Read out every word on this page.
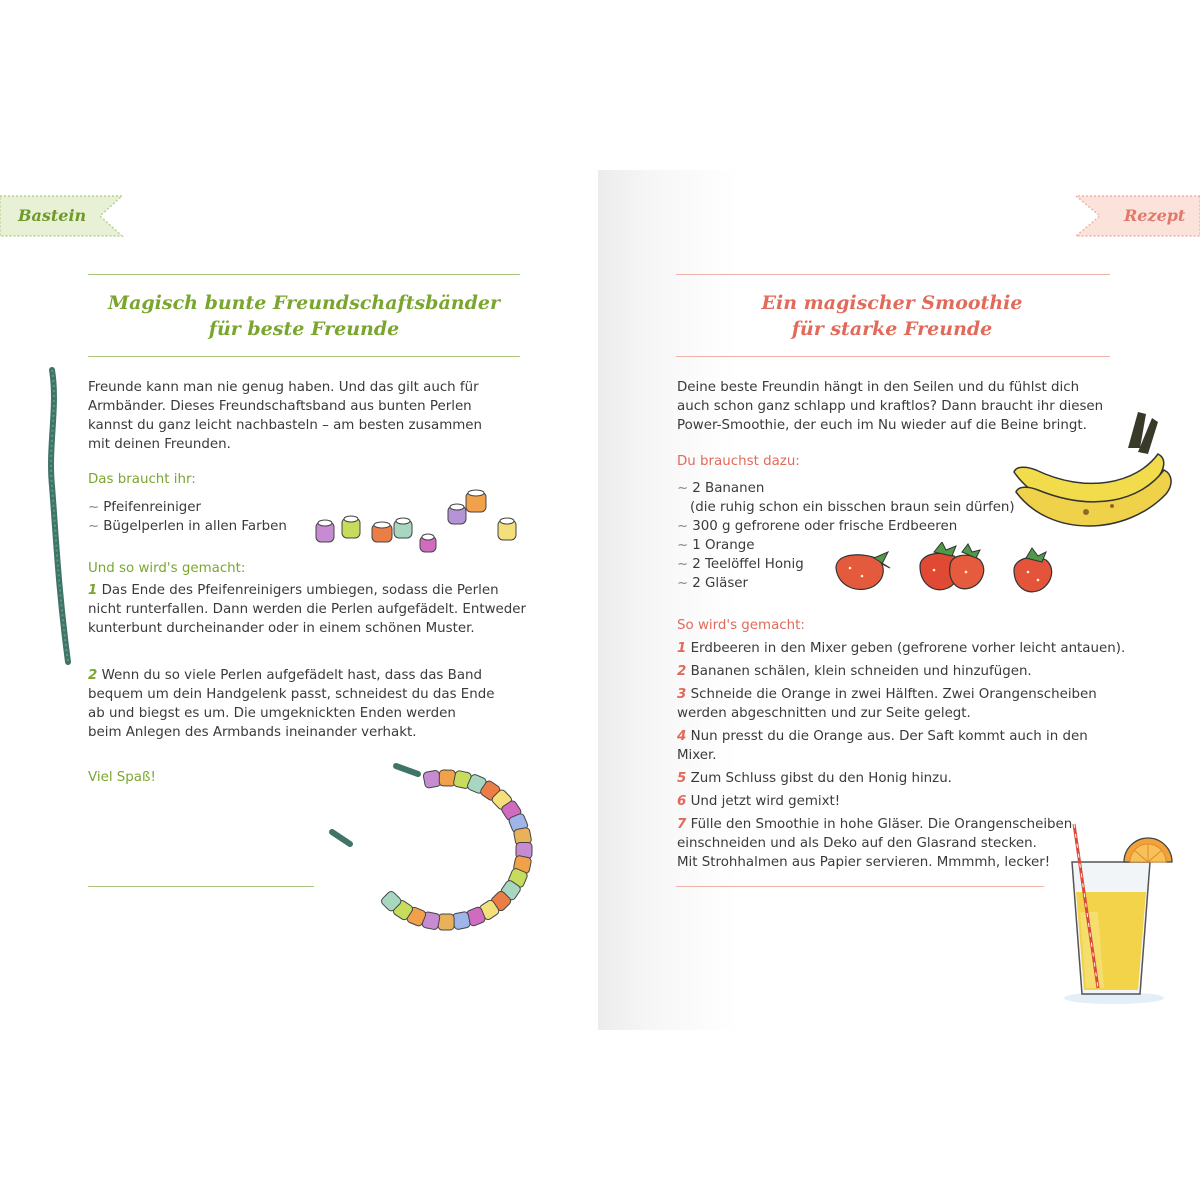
Bastein
Magisch bunte Freundschaftsbänder
für beste Freunde
Freunde kann man nie genug haben. Und das gilt auch für
Armbänder. Dieses Freundschaftsband aus bunten Perlen
kannst du ganz leicht nachbasteln – am besten zusammen
mit deinen Freunden.
Das braucht ihr:
~ Pfeifenreiniger
~ Bügelperlen in allen Farben
Und so wird's gemacht:
1 Das Ende des Pfeifenreinigers umbiegen, sodass die Perlen
nicht runterfallen. Dann werden die Perlen aufgefädelt. Entweder
kunterbunt durcheinander oder in einem schönen Muster.
2 Wenn du so viele Perlen aufgefädelt hast, dass das Band
bequem um dein Handgelenk passt, schneidest du das Ende
ab und biegst es um. Die umgeknickten Enden werden
beim Anlegen des Armbands ineinander verhakt.
Viel Spaß!
Rezept
Ein magischer Smoothie
für starke Freunde
Deine beste Freundin hängt in den Seilen und du fühlst dich
auch schon ganz schlapp und kraftlos? Dann braucht ihr diesen
Power-Smoothie, der euch im Nu wieder auf die Beine bringt.
Du brauchst dazu:
~ 2 Bananen
(die ruhig schon ein bisschen braun sein dürfen)
~ 300 g gefrorene oder frische Erdbeeren
~ 1 Orange
~ 2 Teelöffel Honig
~ 2 Gläser
So wird's gemacht:
1 Erdbeeren in den Mixer geben (gefrorene vorher leicht antauen).
2 Bananen schälen, klein schneiden und hinzufügen.
3 Schneide die Orange in zwei Hälften. Zwei Orangenscheiben
werden abgeschnitten und zur Seite gelegt.
4 Nun presst du die Orange aus. Der Saft kommt auch in den
Mixer.
5 Zum Schluss gibst du den Honig hinzu.
6 Und jetzt wird gemixt!
7 Fülle den Smoothie in hohe Gläser. Die Orangenscheiben
einschneiden und als Deko auf den Glasrand stecken.
Mit Strohhalmen aus Papier servieren. Mmmmh, lecker!
